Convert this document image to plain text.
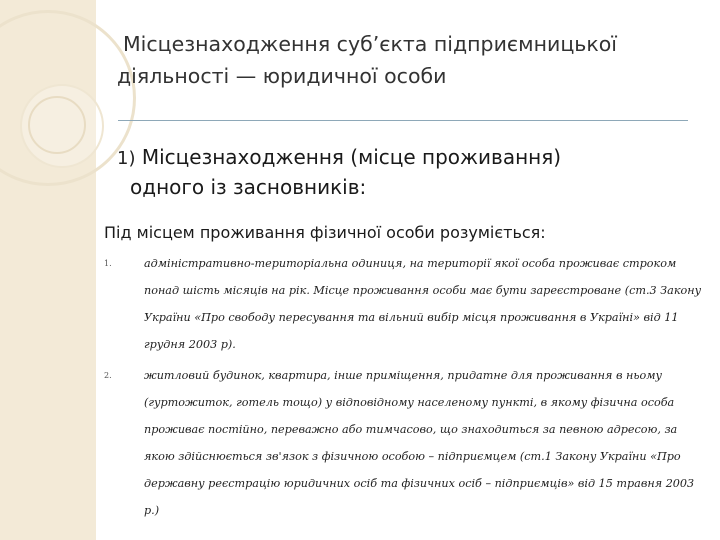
Місцезнаходження суб’єкта підприємницької
діяльності — юридичної особи
1) Місцезнаходження (місце проживання)
одного із засновників:
Під місцем проживання фізичної особи розуміється:
1.	адміністративно-територіальна одиниця, на території якої особа проживає строком понад шість місяців на рік. Місце проживання особи має бути зареєстроване (ст.3 Закону України «Про свободу пересування та вільний вибір місця проживання в Україні» від 11 грудня 2003 р).
2.	житловий будинок, квартира, інше приміщення, придатне для проживання в ньому (гуртожиток, готель тощо) у відповідному населеному пункті, в якому фізична особа проживає постійно, переважно або тимчасово, що знаходиться за певною адресою, за якою здійснюється зв'язок з фізичною особою – підприємцем (ст.1 Закону України «Про державну реєстрацію юридичних осіб та фізичних осіб – підприємців» від 15 травня 2003 р.)
